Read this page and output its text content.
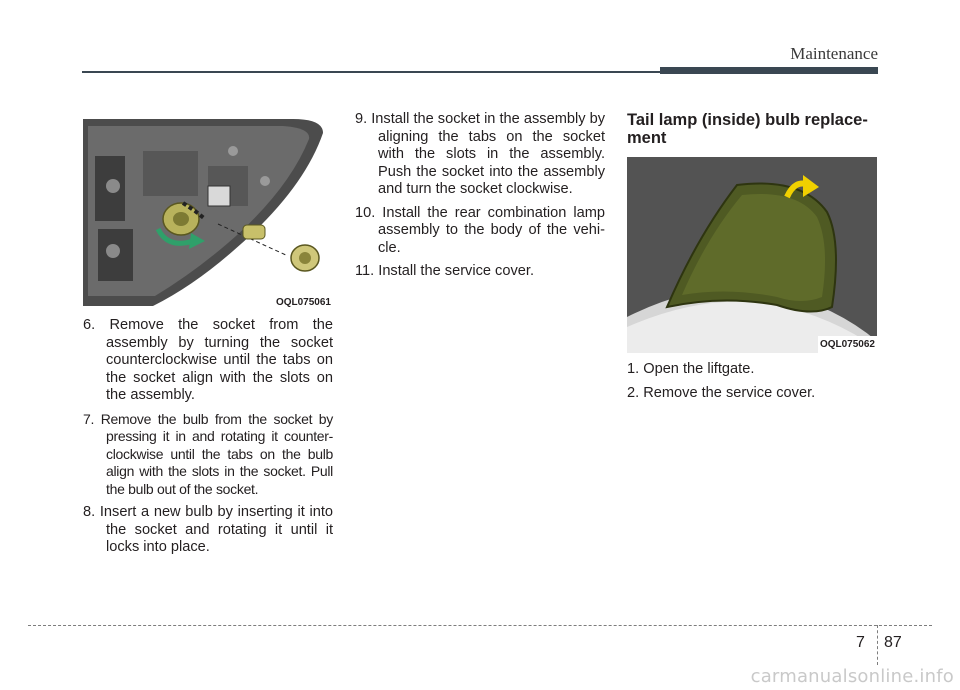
Maintenance
OQL075061
6. Remove the socket from the assembly by turning the socket counterclockwise until the tabs on the socket align with the slots on the assembly.
7. Remove the bulb from the socket by pressing it in and rotating it counter-clockwise until the tabs on the bulb align with the slots in the socket. Pull the bulb out of the socket.
8. Insert a new bulb by inserting it into the socket and rotating it until it locks into place.
9. Install the socket in the assembly by aligning the tabs on the socket with the slots in the assembly. Push the socket into the assembly and turn the socket clockwise.
10. Install the rear combination lamp assembly to the body of the vehi-cle.
11. Install the service cover.
Tail lamp (inside) bulb replace-ment
OQL075062
1. Open the liftgate.
2. Remove the service cover.
7 87
carmanualsonline.info
